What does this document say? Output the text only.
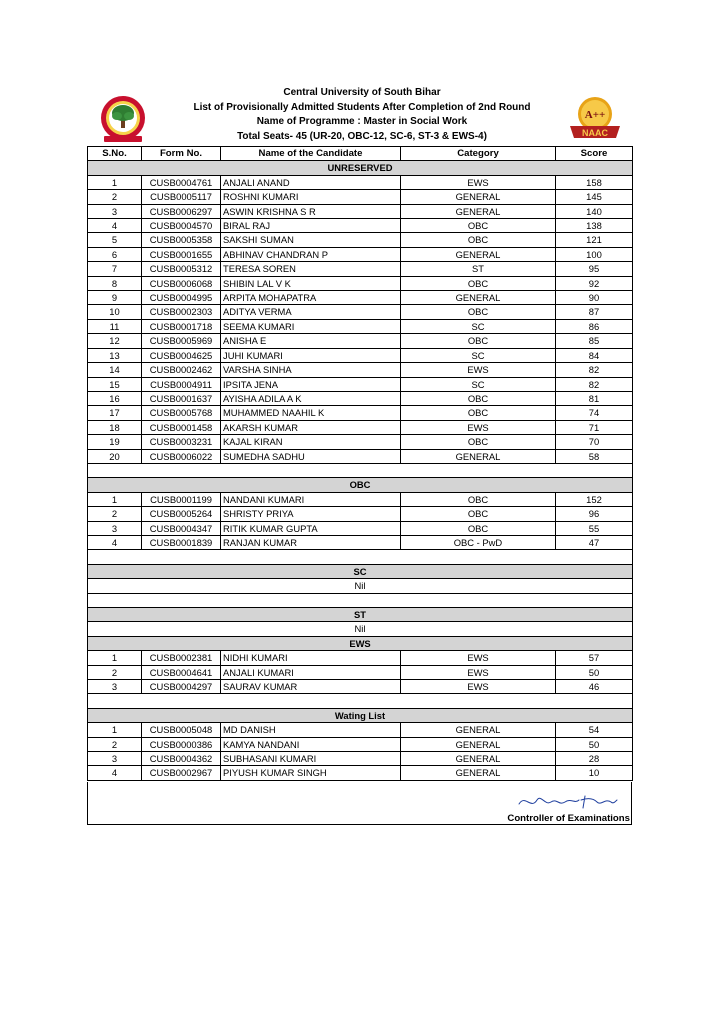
Central University of South Bihar
List of Provisionally Admitted Students After Completion of 2nd Round
Name of Programme : Master in Social Work
Total Seats- 45 (UR-20, OBC-12, SC-6, ST-3 & EWS-4)
A++
NAAC
S.No.	Form No.	Name of the Candidate	Category	Score
UNRESERVED				
1	CUSB0004761	ANJALI ANAND	EWS	158
2	CUSB0005117	ROSHNI KUMARI	GENERAL	145
3	CUSB0006297	ASWIN KRISHNA S R	GENERAL	140
4	CUSB0004570	BIRAL RAJ	OBC	138
5	CUSB0005358	SAKSHI SUMAN	OBC	121
6	CUSB0001655	ABHINAV CHANDRAN P	GENERAL	100
7	CUSB0005312	TERESA SOREN	ST	95
8	CUSB0006068	SHIBIN LAL V K	OBC	92
9	CUSB0004995	ARPITA MOHAPATRA	GENERAL	90
10	CUSB0002303	ADITYA VERMA	OBC	87
11	CUSB0001718	SEEMA KUMARI	SC	86
12	CUSB0005969	ANISHA E	OBC	85
13	CUSB0004625	JUHI KUMARI	SC	84
14	CUSB0002462	VARSHA SINHA	EWS	82
15	CUSB0004911	IPSITA JENA	SC	82
16	CUSB0001637	AYISHA ADILA A K	OBC	81
17	CUSB0005768	MUHAMMED NAAHIL K	OBC	74
18	CUSB0001458	AKARSH KUMAR	EWS	71
19	CUSB0003231	KAJAL KIRAN	OBC	70
20	CUSB0006022	SUMEDHA SADHU	GENERAL	58

OBC				
1	CUSB0001199	NANDANI KUMARI	OBC	152
2	CUSB0005264	SHRISTY PRIYA	OBC	96
3	CUSB0004347	RITIK KUMAR GUPTA	OBC	55
4	CUSB0001839	RANJAN KUMAR	OBC - PwD	47

SC				
Nil				

ST				
Nil				
EWS				
1	CUSB0002381	NIDHI KUMARI	EWS	57
2	CUSB0004641	ANJALI KUMARI	EWS	50
3	CUSB0004297	SAURAV KUMAR	EWS	46

Wating List				
1	CUSB0005048	MD DANISH	GENERAL	54
2	CUSB0000386	KAMYA NANDANI	GENERAL	50
3	CUSB0004362	SUBHASANI KUMARI	GENERAL	28
4	CUSB0002967	PIYUSH KUMAR SINGH	GENERAL	10
Controller of Examinations
